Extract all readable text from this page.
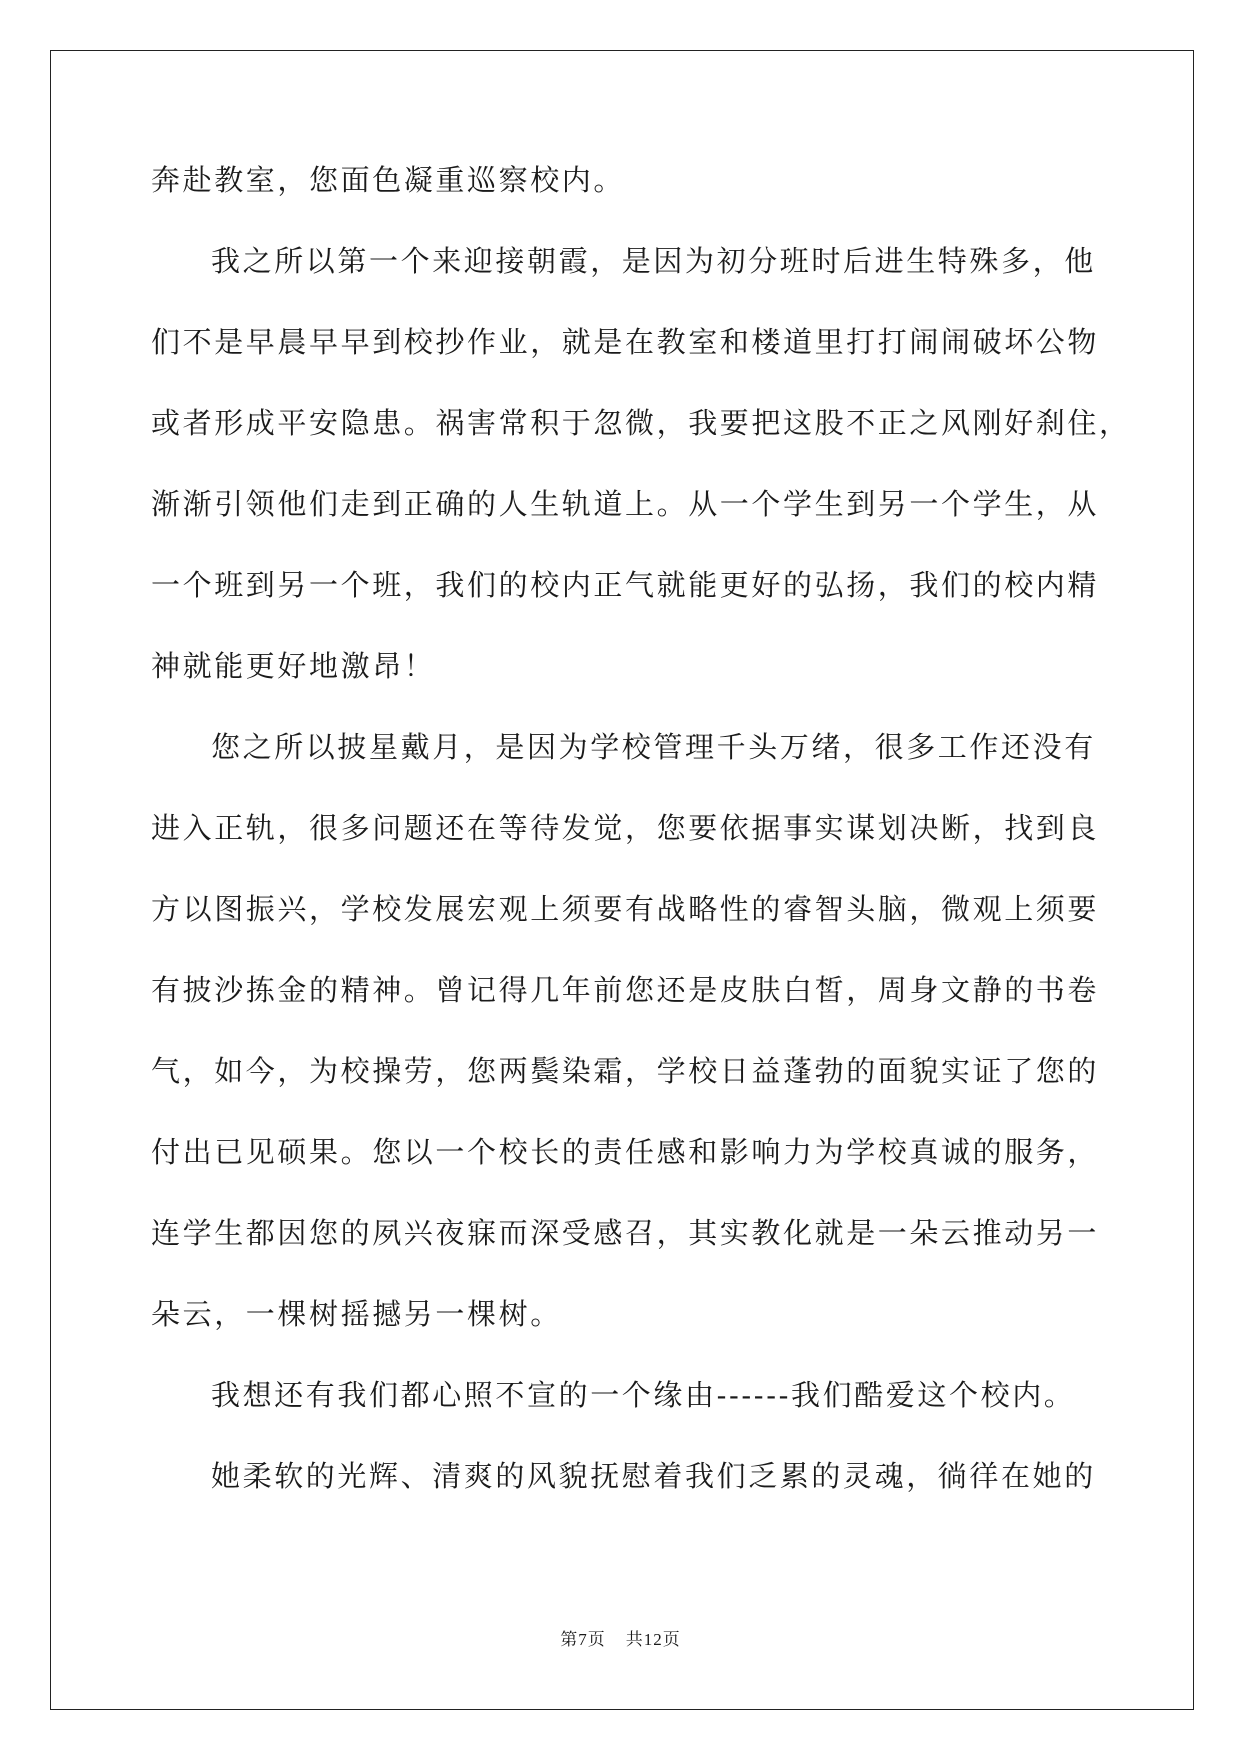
奔赴教室，您面色凝重巡察校内。
我之所以第一个来迎接朝霞，是因为初分班时后进生特殊多，他
们不是早晨早早到校抄作业，就是在教室和楼道里打打闹闹破坏公物
或者形成平安隐患。祸害常积于忽微，我要把这股不正之风刚好刹住，
渐渐引领他们走到正确的人生轨道上。从一个学生到另一个学生，从
一个班到另一个班，我们的校内正气就能更好的弘扬，我们的校内精
神就能更好地激昂！
您之所以披星戴月，是因为学校管理千头万绪，很多工作还没有
进入正轨，很多问题还在等待发觉，您要依据事实谋划决断，找到良
方以图振兴，学校发展宏观上须要有战略性的睿智头脑，微观上须要
有披沙拣金的精神。曾记得几年前您还是皮肤白皙，周身文静的书卷
气，如今，为校操劳，您两鬓染霜，学校日益蓬勃的面貌实证了您的
付出已见硕果。您以一个校长的责任感和影响力为学校真诚的服务，
连学生都因您的夙兴夜寐而深受感召，其实教化就是一朵云推动另一
朵云，一棵树摇撼另一棵树。
我想还有我们都心照不宣的一个缘由------我们酷爱这个校内。
她柔软的光辉、清爽的风貌抚慰着我们乏累的灵魂，徜徉在她的
第7页 共12页
